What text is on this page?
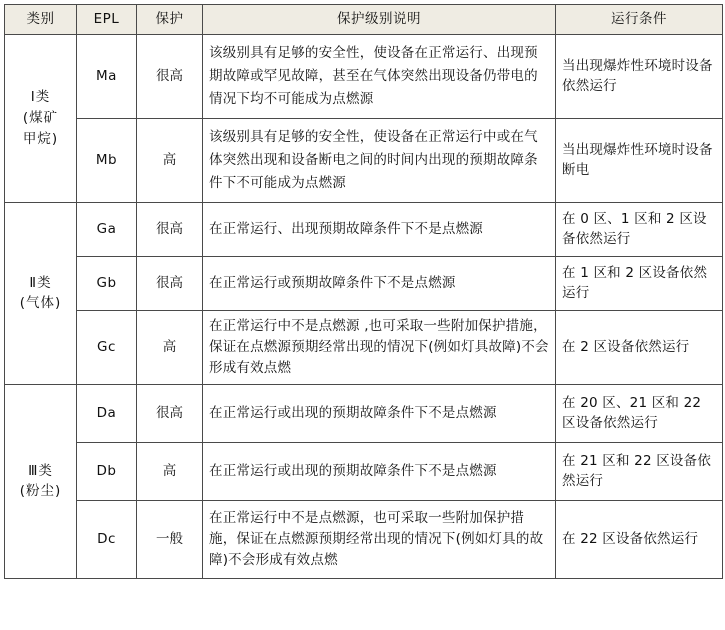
类别	EPL	保护	保护级别说明	运行条件

Ⅰ类
(煤矿
甲烷)	Ma	很高	该级别具有足够的安全性，使设备在正常运行、出现预期故障或罕见故障，甚至在气体突然出现设备仍带电的情况下均不可能成为点燃源	当出现爆炸性环境时设备依然运行
	Mb	高	该级别具有足够的安全性，使设备在正常运行中或在气体突然出现和设备断电之间的时间内出现的预期故障条件下不可能成为点燃源	当出现爆炸性环境时设备断电

Ⅱ类
(气体)	Ga	很高	在正常运行、出现预期故障条件下不是点燃源	在 0 区、1 区和 2 区设备依然运行
	Gb	很高	在正常运行或预期故障条件下不是点燃源	在 1 区和 2 区设备依然运行
	Gc	高	在正常运行中不是点燃源 ,也可采取一些附加保护措施，保证在点燃源预期经常出现的情况下(例如灯具故障)不会形成有效点燃	在 2 区设备依然运行

Ⅲ类
(粉尘)	Da	很高	在正常运行或出现的预期故障条件下不是点燃源	在 20 区、21 区和 22 区设备依然运行
	Db	高	在正常运行或出现的预期故障条件下不是点燃源	在 21 区和 22 区设备依然运行
	Dc	一般	在正常运行中不是点燃源，也可采取一些附加保护措施，保证在点燃源预期经常出现的情况下(例如灯具的故障)不会形成有效点燃	在 22 区设备依然运行
